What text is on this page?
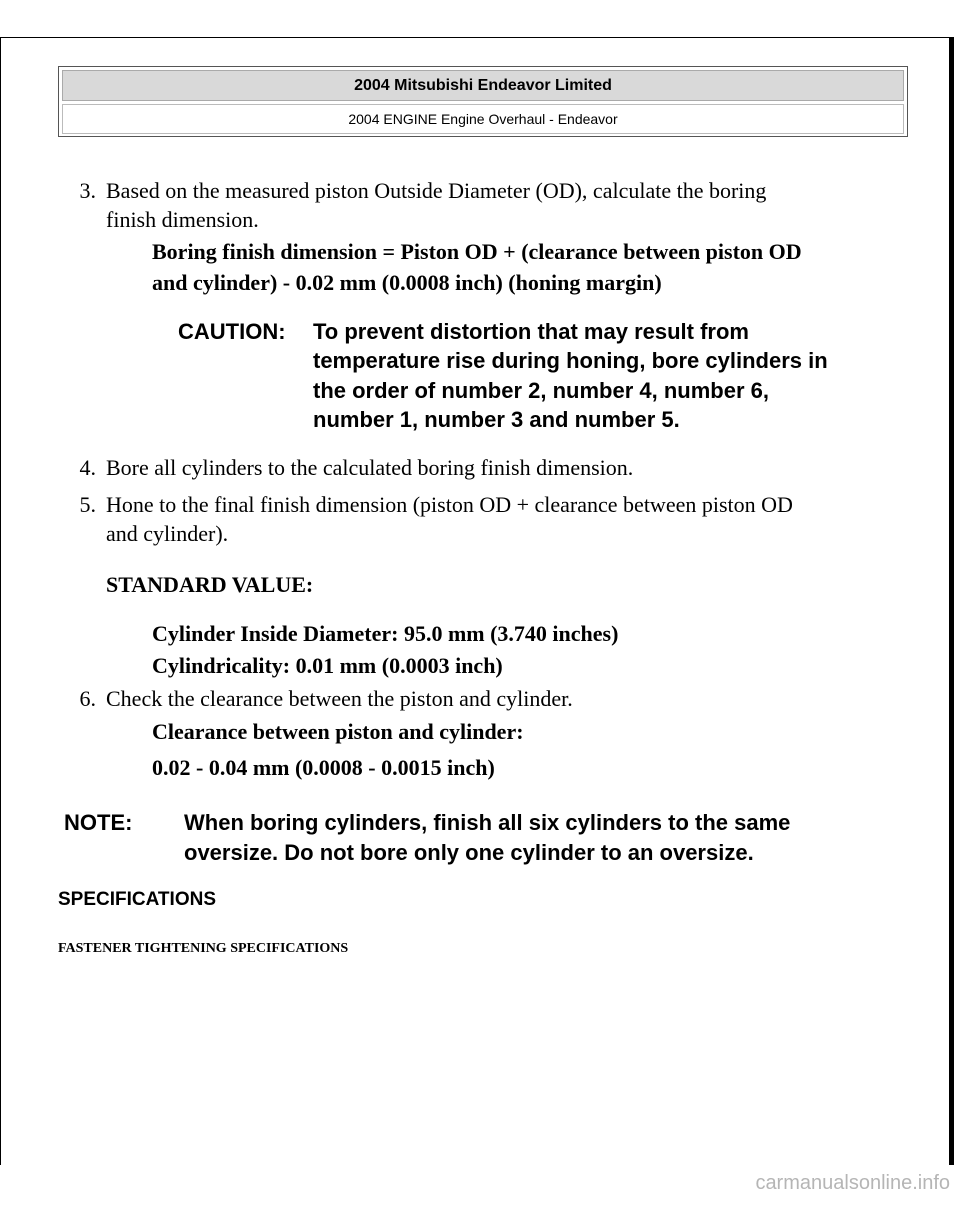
2004 Mitsubishi Endeavor Limited
2004 ENGINE Engine Overhaul - Endeavor
3. Based on the measured piston Outside Diameter (OD), calculate the boring
finish dimension.
Boring finish dimension = Piston OD + (clearance between piston OD
and cylinder) - 0.02 mm (0.0008 inch) (honing margin)
CAUTION: To prevent distortion that may result from
temperature rise during honing, bore cylinders in
the order of number 2, number 4, number 6,
number 1, number 3 and number 5.
4. Bore all cylinders to the calculated boring finish dimension.
5. Hone to the final finish dimension (piston OD + clearance between piston OD
and cylinder).
STANDARD VALUE:
Cylinder Inside Diameter: 95.0 mm (3.740 inches)
Cylindricality: 0.01 mm (0.0003 inch)
6. Check the clearance between the piston and cylinder.
Clearance between piston and cylinder:
0.02 - 0.04 mm (0.0008 - 0.0015 inch)
NOTE: When boring cylinders, finish all six cylinders to the same
oversize. Do not bore only one cylinder to an oversize.
SPECIFICATIONS
FASTENER TIGHTENING SPECIFICATIONS
carmanualsonline.info
